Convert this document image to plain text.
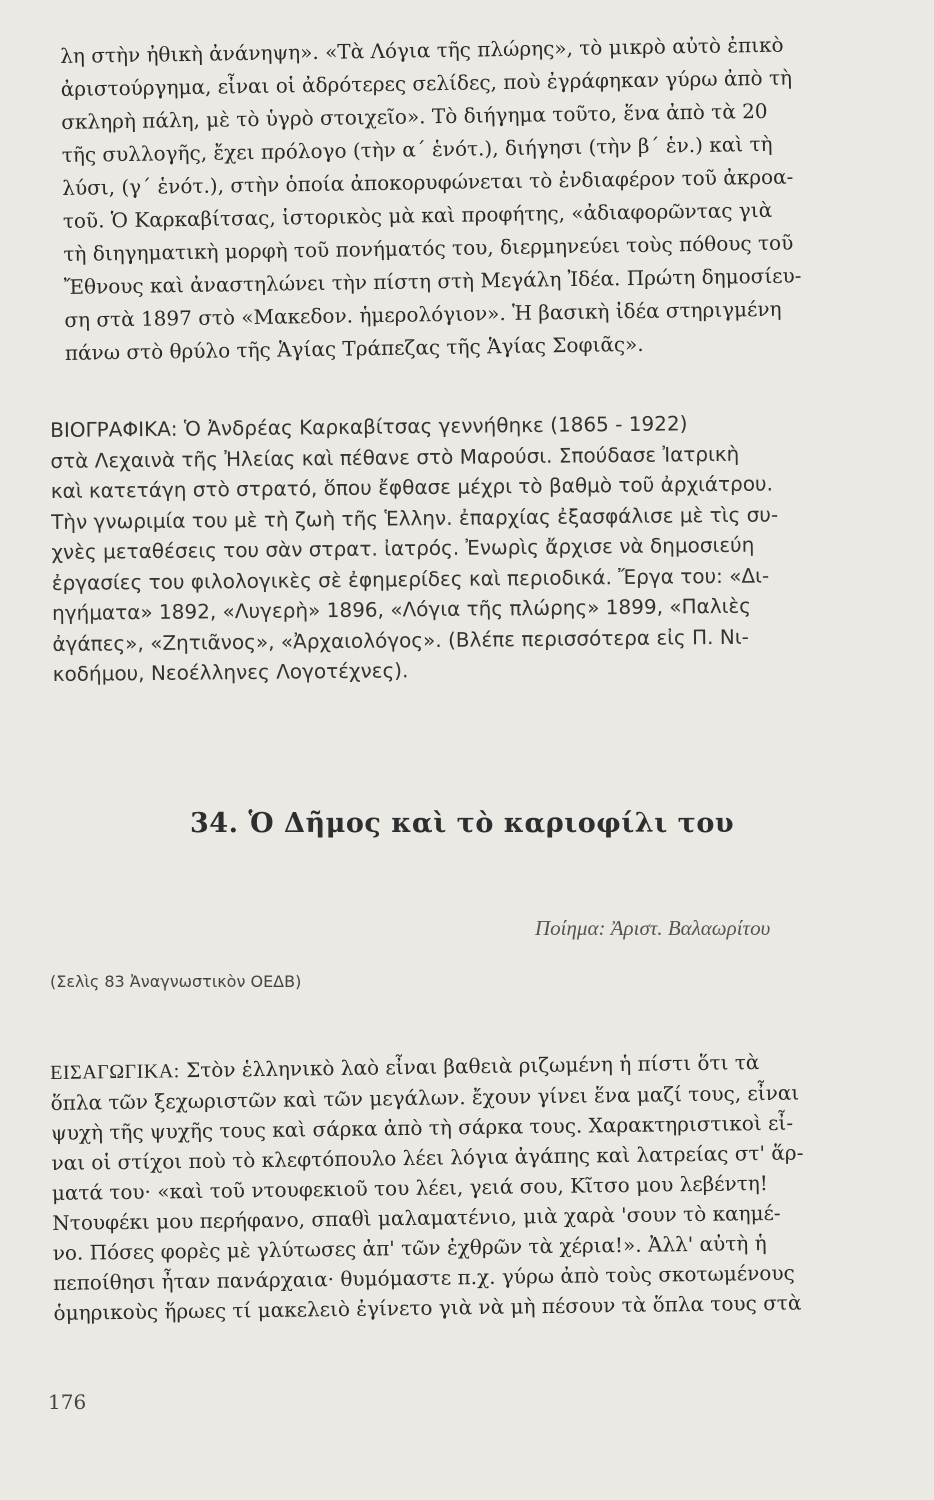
λη στὴν ἠθικὴ ἀνάνηψη». «Τὰ Λόγια τῆς πλώρης», τὸ μικρὸ αὐτὸ ἐπικὸ
ἀριστούργημα, εἶναι οἱ ἀδρότερες σελίδες, ποὺ ἐγράφηκαν γύρω ἀπὸ τὴ
σκληρὴ πάλη, μὲ τὸ ὑγρὸ στοιχεῖο». Τὸ διήγημα τοῦτο, ἕνα ἀπὸ τὰ 20
τῆς συλλογῆς, ἔχει πρόλογο (τὴν α΄ ἑνότ.), διήγησι (τὴν β΄ ἑν.) καὶ τὴ
λύσι, (γ΄ ἑνότ.), στὴν ὁποία ἀποκορυφώνεται τὸ ἐνδιαφέρον τοῦ ἀκροα-
τοῦ. Ὁ Καρκαβίτσας, ἱστορικὸς μὰ καὶ προφήτης, «ἀδιαφορῶντας γιὰ
τὴ διηγηματικὴ μορφὴ τοῦ πονήματός του, διερμηνεύει τοὺς πόθους τοῦ
Ἔθνους καὶ ἀναστηλώνει τὴν πίστη στὴ Μεγάλη Ἰδέα. Πρώτη δημοσίευ-
ση στὰ 1897 στὸ «Μακεδον. ἡμερολόγιον». Ἡ βασικὴ ἰδέα στηριγμένη
πάνω στὸ θρύλο τῆς Ἁγίας Τράπεζας τῆς Ἁγίας Σοφιᾶς».
ΒΙΟΓΡΑΦΙΚΑ: Ὁ Ἀνδρέας Καρκαβίτσας γεννήθηκε (1865 - 1922)
στὰ Λεχαινὰ τῆς Ἠλείας καὶ πέθανε στὸ Μαρούσι. Σπούδασε Ἰατρικὴ
καὶ κατετάγη στὸ στρατό, ὅπου ἔφθασε μέχρι τὸ βαθμὸ τοῦ ἀρχιάτρου.
Τὴν γνωριμία του μὲ τὴ ζωὴ τῆς Ἑλλην. ἐπαρχίας ἐξασφάλισε μὲ τὶς συ-
χνὲς μεταθέσεις του σὰν στρατ. ἰατρός. Ἐνωρὶς ἄρχισε νὰ δημοσιεύη
ἐργασίες του φιλολογικὲς σὲ ἐφημερίδες καὶ περιοδικά. Ἔργα του: «Δι-
ηγήματα» 1892, «Λυγερὴ» 1896, «Λόγια τῆς πλώρης» 1899, «Παλιὲς
ἀγάπες», «Ζητιᾶνος», «Ἀρχαιολόγος». (Βλέπε περισσότερα εἰς Π. Νι-
κοδήμου, Νεοέλληνες Λογοτέχνες).
34. Ὁ Δῆμος καὶ τὸ καριοφίλι του
Ποίημα: Ἀριστ. Βαλαωρίτου
(Σελὶς 83 Ἀναγνωστικὸν ΟΕΔΒ)
ΕΙΣΑΓΩΓΙΚΑ: Στὸν ἑλληνικὸ λαὸ εἶναι βαθειὰ ριζωμένη ἡ πίστι ὅτι τὰ
ὅπλα τῶν ξεχωριστῶν καὶ τῶν μεγάλων. ἔχουν γίνει ἕνα μαζί τους, εἶναι
ψυχὴ τῆς ψυχῆς τους καὶ σάρκα ἀπὸ τὴ σάρκα τους. Χαρακτηριστικοὶ εἶ-
ναι οἱ στίχοι ποὺ τὸ κλεφτόπουλο λέει λόγια ἀγάπης καὶ λατρείας στ' ἅρ-
ματά του· «καὶ τοῦ ντουφεκιοῦ του λέει, γειά σου, Κῖτσο μου λεβέντη!
Ντουφέκι μου περήφανο, σπαθὶ μαλαματένιο, μιὰ χαρὰ 'σουν τὸ καημέ-
νο. Πόσες φορὲς μὲ γλύτωσες ἀπ' τῶν ἐχθρῶν τὰ χέρια!». Ἀλλ' αὐτὴ ἡ
πεποίθησι ἦταν πανάρχαια· θυμόμαστε π.χ. γύρω ἀπὸ τοὺς σκοτωμένους
ὁμηρικοὺς ἥρωες τί μακελειὸ ἐγίνετο γιὰ νὰ μὴ πέσουν τὰ ὅπλα τους στὰ
176
